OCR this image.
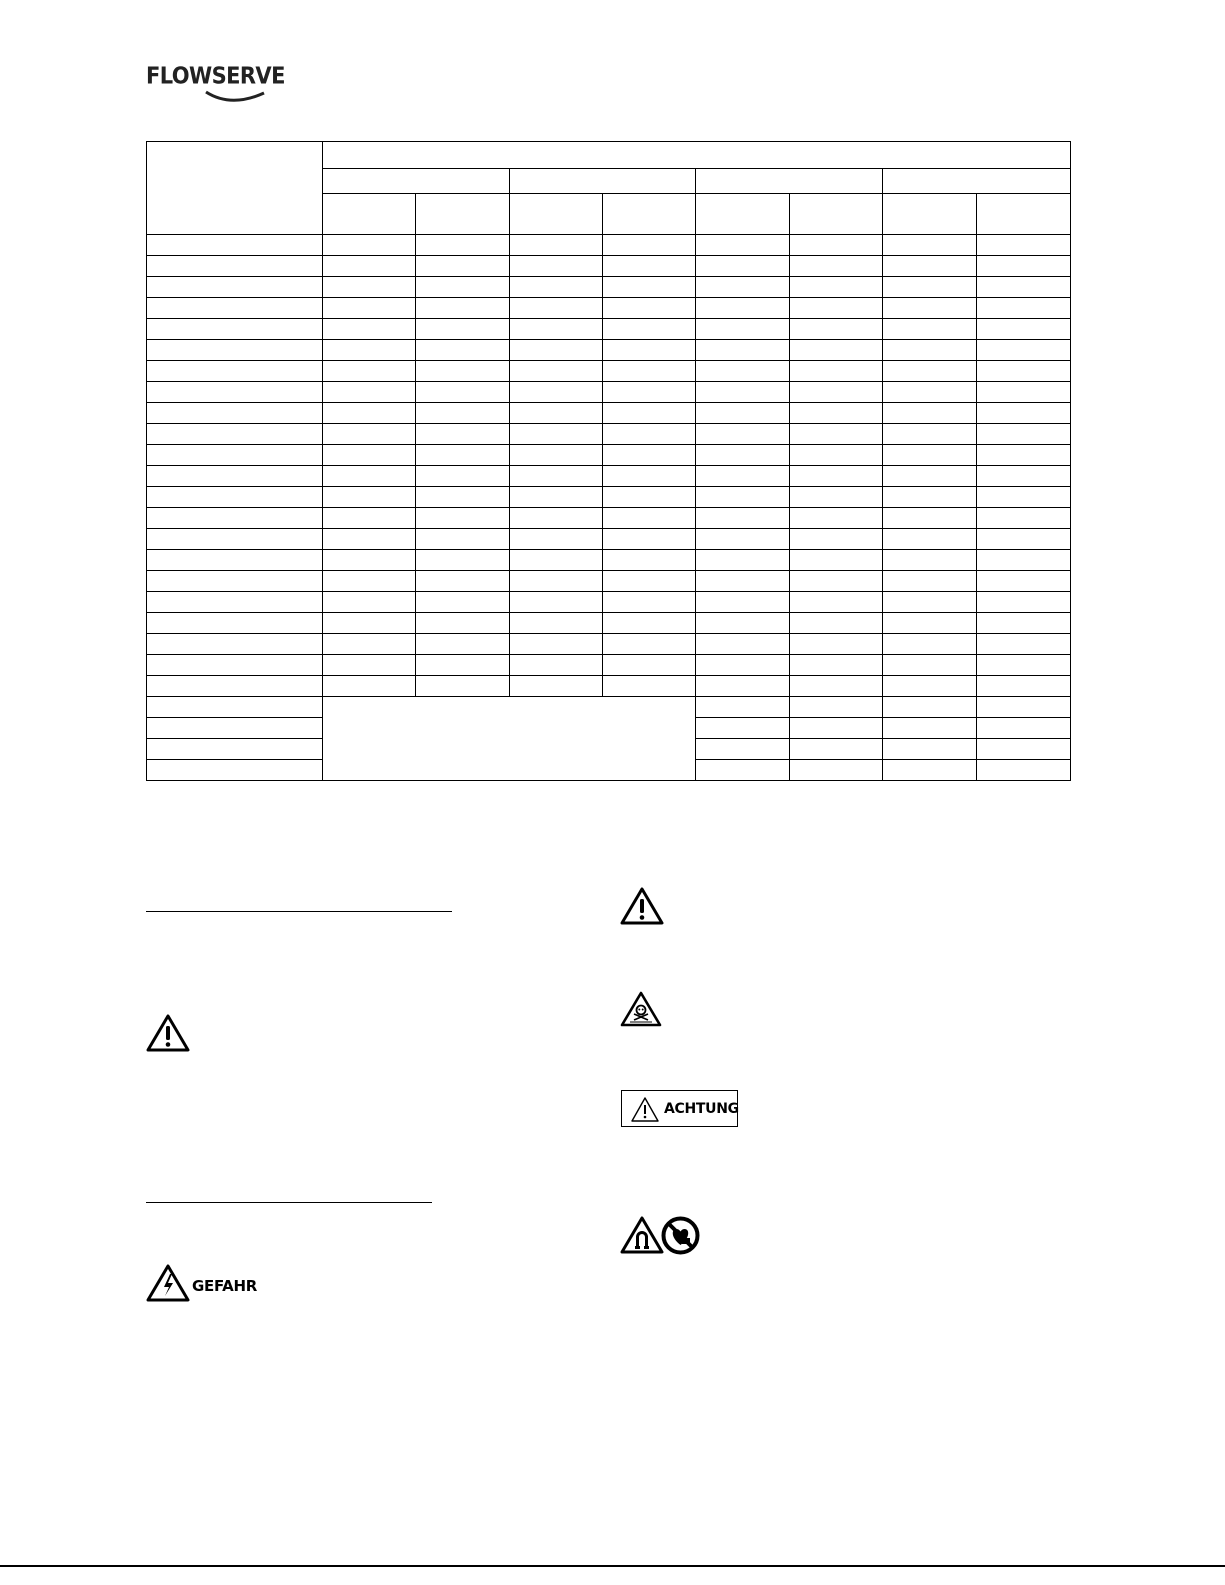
FLOWSERVE

GEFAHR
ACHTUNG
